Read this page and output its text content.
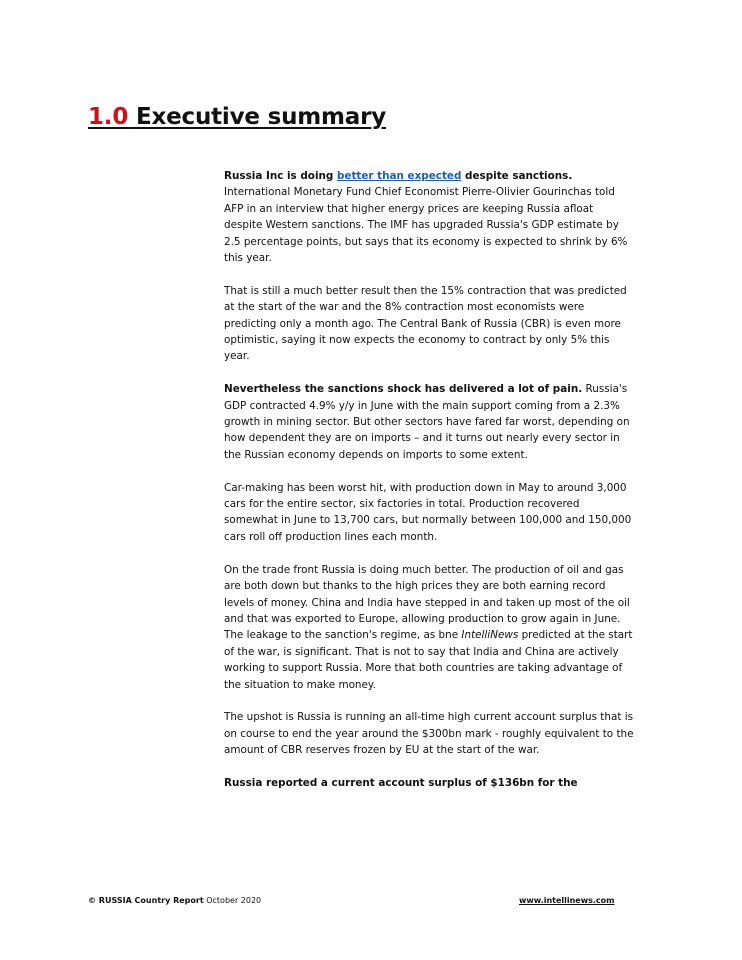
1.0 Executive summary

Russia Inc is doing better than expected despite sanctions. International Monetary Fund Chief Economist Pierre-Olivier Gourinchas told AFP in an interview that higher energy prices are keeping Russia afloat despite Western sanctions. The IMF has upgraded Russia's GDP estimate by 2.5 percentage points, but says that its economy is expected to shrink by 6% this year.

That is still a much better result then the 15% contraction that was predicted at the start of the war and the 8% contraction most economists were predicting only a month ago. The Central Bank of Russia (CBR) is even more optimistic, saying it now expects the economy to contract by only 5% this year.

Nevertheless the sanctions shock has delivered a lot of pain. Russia's GDP contracted 4.9% y/y in June with the main support coming from a 2.3% growth in mining sector. But other sectors have fared far worst, depending on how dependent they are on imports – and it turns out nearly every sector in the Russian economy depends on imports to some extent.

Car-making has been worst hit, with production down in May to around 3,000 cars for the entire sector, six factories in total. Production recovered somewhat in June to 13,700 cars, but normally between 100,000 and 150,000 cars roll off production lines each month.

On the trade front Russia is doing much better. The production of oil and gas are both down but thanks to the high prices they are both earning record levels of money. China and India have stepped in and taken up most of the oil and that was exported to Europe, allowing production to grow again in June. The leakage to the sanction's regime, as bne IntelliNews predicted at the start of the war, is significant. That is not to say that India and China are actively working to support Russia. More that both countries are taking advantage of the situation to make money.

The upshot is Russia is running an all-time high current account surplus that is on course to end the year around the $300bn mark - roughly equivalent to the amount of CBR reserves frozen by EU at the start of the war.

Russia reported a current account surplus of $136bn for the

© RUSSIA Country Report October 2020	www.intellinews.com
